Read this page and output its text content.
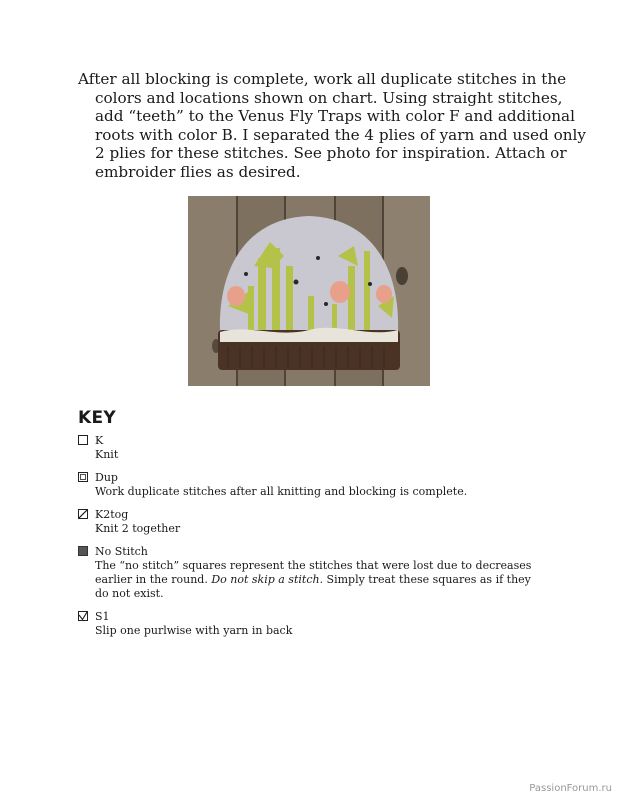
After all blocking is complete, work all duplicate stitches in the colors and locations shown on chart. Using straight stitches, add “teeth” to the Venus Fly Traps with color F and additional roots with color B. I separated the 4 plies of yarn and used only 2 plies for these stitches. See photo for inspiration. Attach or embroider flies as desired.

KEY
K
Knit
Dup
Work duplicate stitches after all knitting and blocking is complete.
K2tog
Knit 2 together
No Stitch
The “no stitch” squares represent the stitches that were lost due to decreases earlier in the round. Do not skip a stitch. Simply treat these squares as if they do not exist.
S1
Slip one purlwise with yarn in back
PassionForum.ru
